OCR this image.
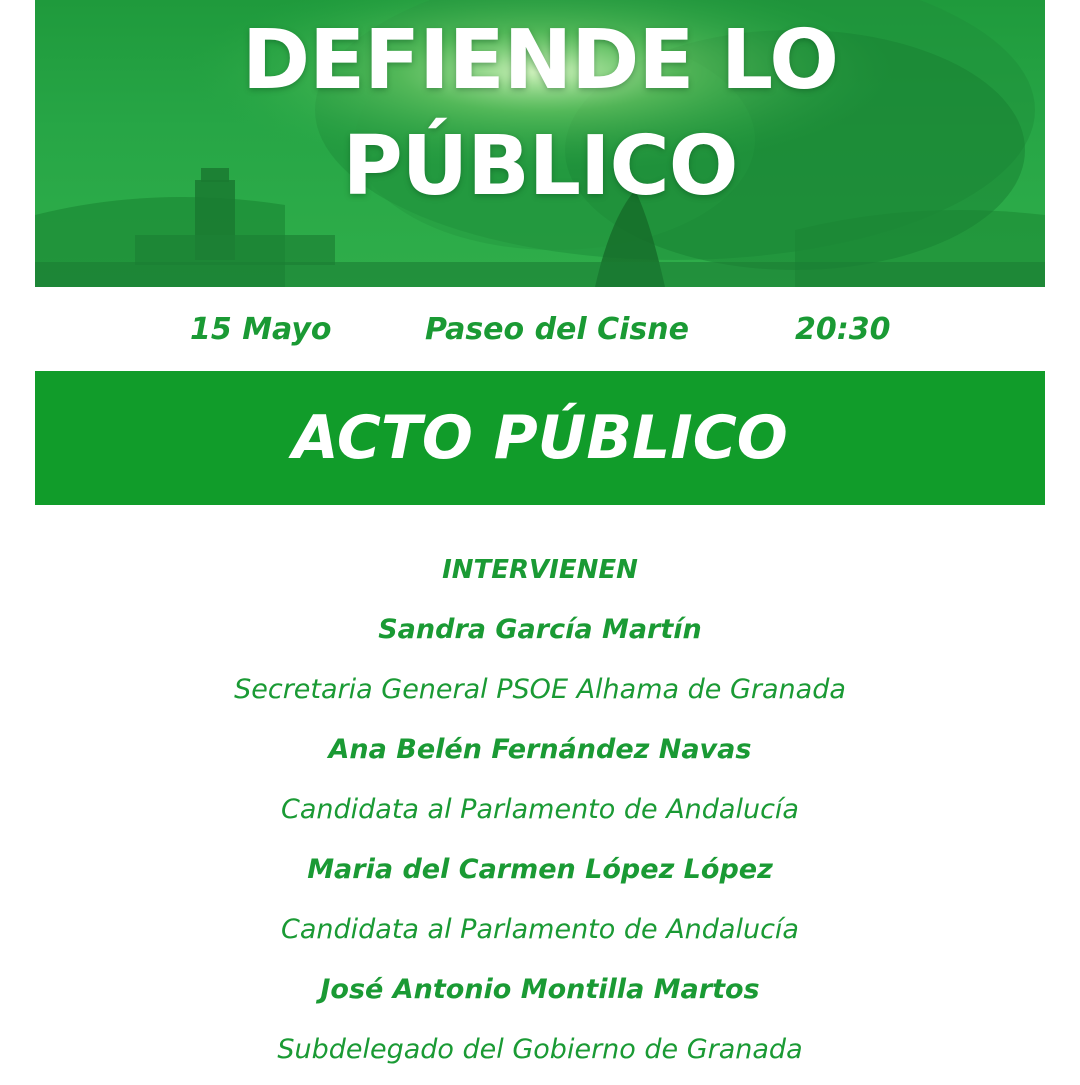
DEFIENDE LO
PÚBLICO
15 Mayo	Paseo del Cisne	20:30
ACTO PÚBLICO
INTERVIENEN
Sandra García Martín
Secretaria General PSOE Alhama de Granada
Ana Belén Fernández Navas
Candidata al Parlamento de Andalucía
Maria del Carmen López López
Candidata al Parlamento de Andalucía
José Antonio Montilla Martos
Subdelegado del Gobierno de Granada
